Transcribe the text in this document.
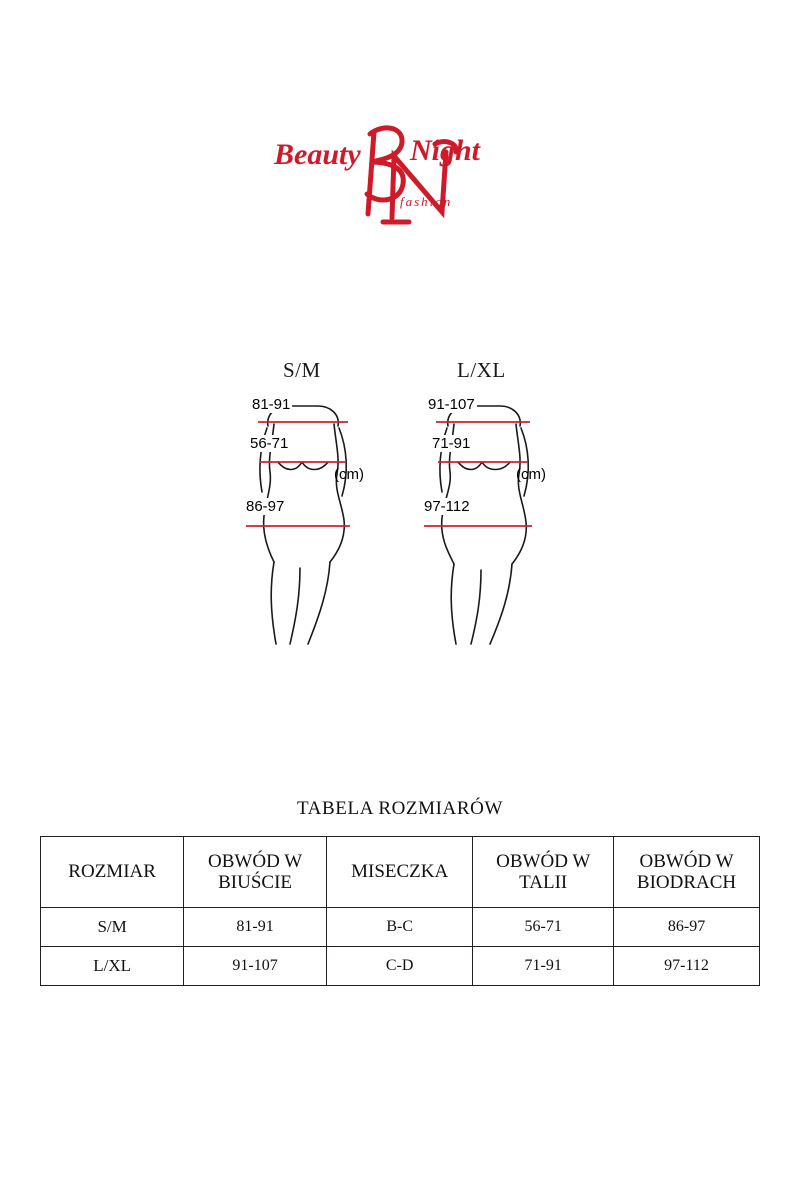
Beauty Night
fashion
S/M	L/XL
81-91
56-71
86-97
(cm)
91-107
71-91
97-112
(cm)
TABELA ROZMIARÓW
ROZMIAR	OBWÓD W BIUŚCIE	MISECZKA	OBWÓD W TALII	OBWÓD W BIODRACH
S/M	81-91	B-C	56-71	86-97
L/XL	91-107	C-D	71-91	97-112
